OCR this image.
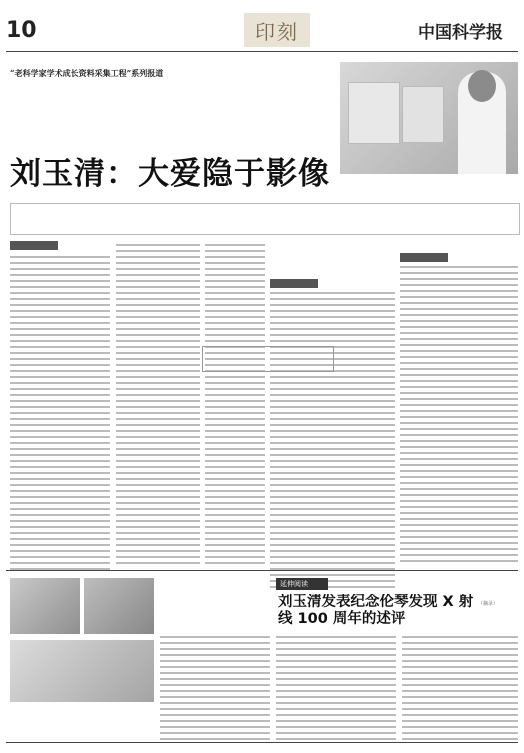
10	印刻	中国科学报
“老科学家学术成长资料采集工程”系列报道
刘玉清：大爱隐于影像
延伸阅读
刘玉清发表纪念伦琴发现 X 射线 100 周年的述评
（摘录）
